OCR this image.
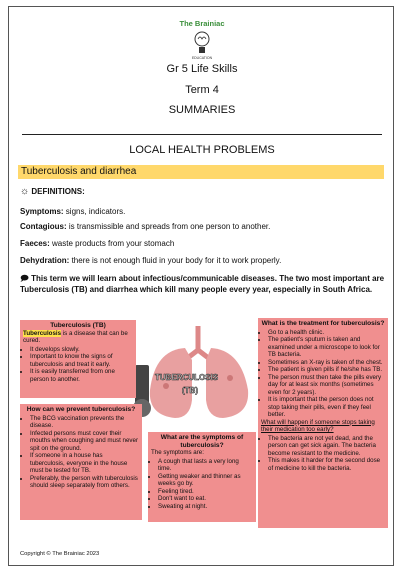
The Brainiac
EDUCATION
Gr 5 Life Skills
Term 4
SUMMARIES
LOCAL HEALTH PROBLEMS
Tuberculosis and diarrhea
☼ DEFINITIONS:
Symptoms: signs, indicators.
Contagious: is transmissible and spreads from one person to another.
Faeces: waste products from your stomach
Dehydration: there is not enough fluid in your body for it to work properly.
🗩 This term we will learn about infectious/communicable diseases. The two most important are Tuberculosis (TB) and diarrhea which kill many people every year, especially in South Africa.
TUBERCULOSIS
(TB)
Tuberculosis (TB)
Tuberculosis is a disease that can be cured.
• It develops slowly.
• Important to know the signs of tuberculosis and treat it early.
• It is easily transferred from one person to another.
How can we prevent tuberculosis?
• The BCG vaccination prevents the disease.
• Infected persons must cover their mouths when coughing and must never spit on the ground.
• If someone in a house has tuberculosis, everyone in the house must be tested for TB.
• Preferably, the person with tuberculosis should sleep separately from others.
What are the symptoms of tuberculosis?
The symptoms are:
• A cough that lasts a very long time.
• Getting weaker and thinner as weeks go by.
• Feeling tired.
• Don't want to eat.
• Sweating at night.
What is the treatment for tuberculosis?
• Go to a health clinic.
• The patient's sputum is taken and examined under a microscope to look for TB bacteria.
• Sometimes an X-ray is taken of the chest.
• The patient is given pills if he/she has TB.
• The person must then take the pills every day for at least six months (sometimes even for 2 years).
• It is important that the person does not stop taking their pills, even if they feel better.
What will happen if someone stops taking their medication too early?
• The bacteria are not yet dead, and the person can get sick again. The bacteria become resistant to the medicine.
• This makes it harder for the second dose of medicine to kill the bacteria.
Copyright © The Brainiac 2023
